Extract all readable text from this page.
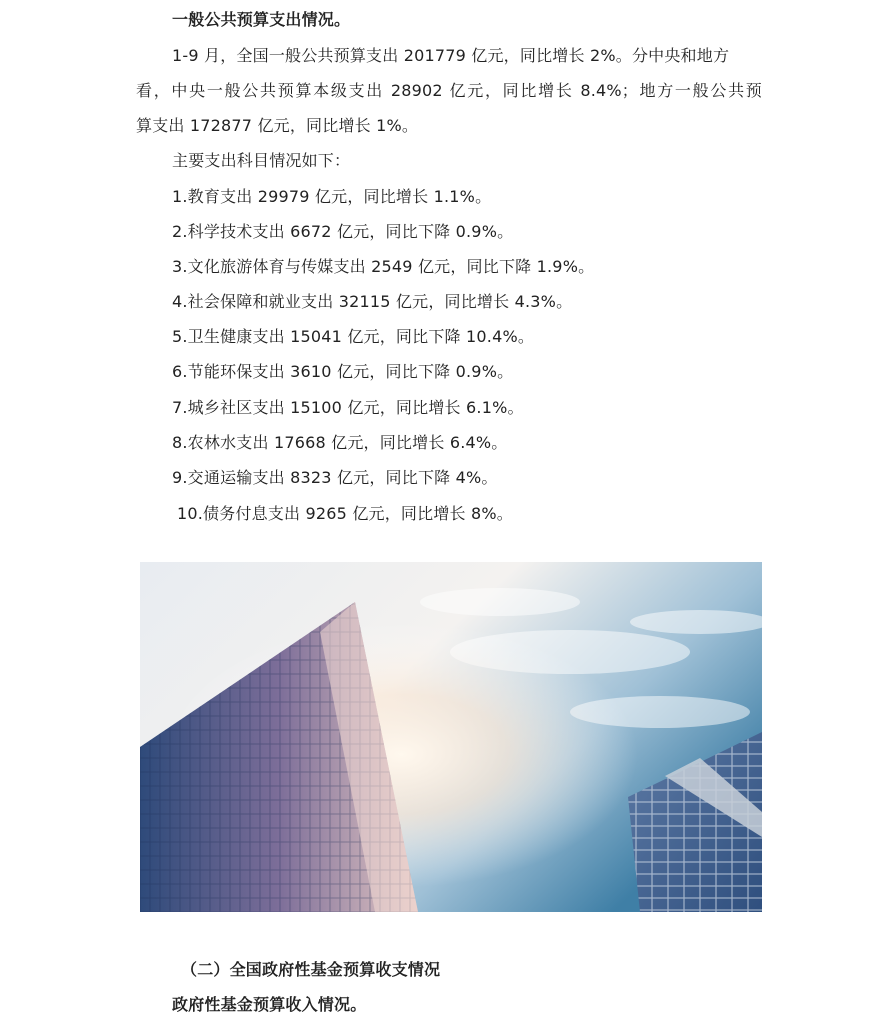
一般公共预算支出情况。
1-9 月，全国一般公共预算支出 201779 亿元，同比增长 2%。分中央和地方
看，中央一般公共预算本级支出 28902 亿元，同比增长 8.4%；地方一般公共预
算支出 172877 亿元，同比增长 1%。
主要支出科目情况如下：
1.教育支出 29979 亿元，同比增长 1.1%。
2.科学技术支出 6672 亿元，同比下降 0.9%。
3.文化旅游体育与传媒支出 2549 亿元，同比下降 1.9%。
4.社会保障和就业支出 32115 亿元，同比增长 4.3%。
5.卫生健康支出 15041 亿元，同比下降 10.4%。
6.节能环保支出 3610 亿元，同比下降 0.9%。
7.城乡社区支出 15100 亿元，同比增长 6.1%。
8.农林水支出 17668 亿元，同比增长 6.4%。
9.交通运输支出 8323 亿元，同比下降 4%。
10.债务付息支出 9265 亿元，同比增长 8%。
（二）全国政府性基金预算收支情况
政府性基金预算收入情况。
